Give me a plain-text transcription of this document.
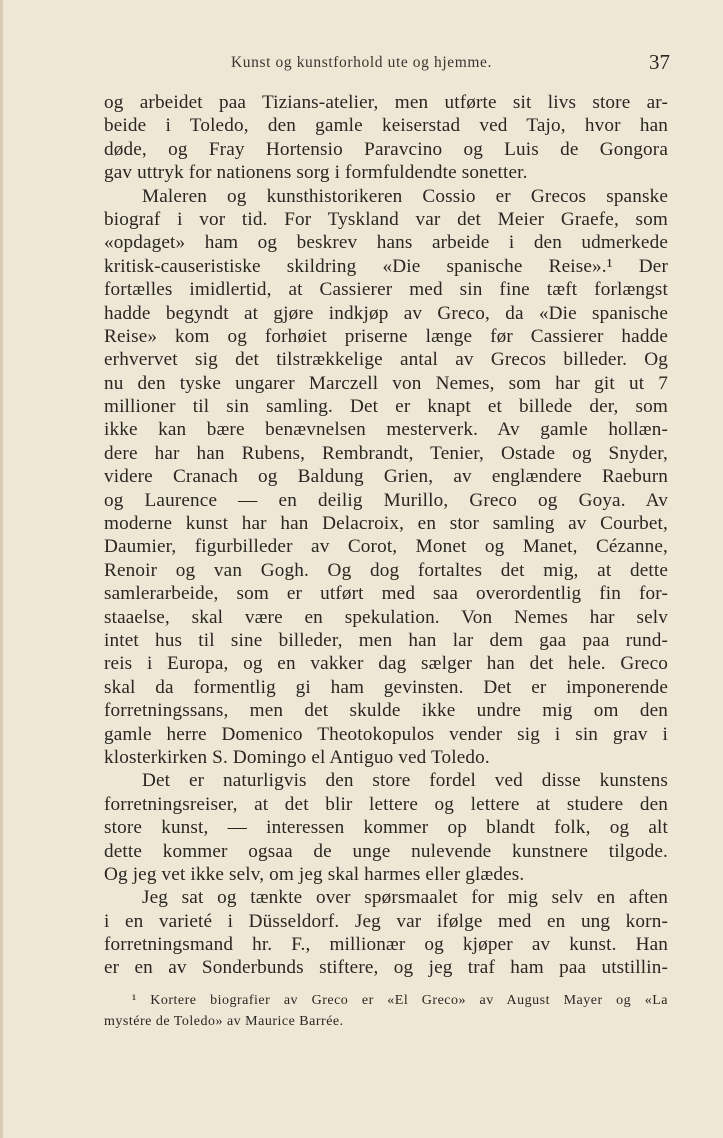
Kunst og kunstforhold ute og hjemme.	37
og arbeidet paa Tizians-atelier, men utførte sit livs store ar-
beide i Toledo, den gamle keiserstad ved Tajo, hvor han
døde, og Fray Hortensio Paravcino og Luis de Gongora
gav uttryk for nationens sorg i formfuldendte sonetter.
Maleren og kunsthistorikeren Cossio er Grecos spanske
biograf i vor tid. For Tyskland var det Meier Graefe, som
«opdaget» ham og beskrev hans arbeide i den udmerkede
kritisk-causeristiske skildring «Die spanische Reise».¹ Der
fortælles imidlertid, at Cassierer med sin fine tæft forlængst
hadde begyndt at gjøre indkjøp av Greco, da «Die spanische
Reise» kom og forhøiet priserne længe før Cassierer hadde
erhvervet sig det tilstrækkelige antal av Grecos billeder. Og
nu den tyske ungarer Marczell von Nemes, som har git ut 7
millioner til sin samling. Det er knapt et billede der, som
ikke kan bære benævnelsen mesterverk. Av gamle hollæn-
dere har han Rubens, Rembrandt, Tenier, Ostade og Snyder,
videre Cranach og Baldung Grien, av englændere Raeburn
og Laurence — en deilig Murillo, Greco og Goya. Av
moderne kunst har han Delacroix, en stor samling av Courbet,
Daumier, figurbilleder av Corot, Monet og Manet, Cézanne,
Renoir og van Gogh. Og dog fortaltes det mig, at dette
samlerarbeide, som er utført med saa overordentlig fin for-
staaelse, skal være en spekulation. Von Nemes har selv
intet hus til sine billeder, men han lar dem gaa paa rund-
reis i Europa, og en vakker dag sælger han det hele. Greco
skal da formentlig gi ham gevinsten. Det er imponerende
forretningssans, men det skulde ikke undre mig om den
gamle herre Domenico Theotokopulos vender sig i sin grav i
klosterkirken S. Domingo el Antiguo ved Toledo.
Det er naturligvis den store fordel ved disse kunstens
forretningsreiser, at det blir lettere og lettere at studere den
store kunst, — interessen kommer op blandt folk, og alt
dette kommer ogsaa de unge nulevende kunstnere tilgode.
Og jeg vet ikke selv, om jeg skal harmes eller glædes.
Jeg sat og tænkte over spørsmaalet for mig selv en aften
i en varieté i Düsseldorf. Jeg var ifølge med en ung korn-
forretningsmand hr. F., millionær og kjøper av kunst. Han
er en av Sonderbunds stiftere, og jeg traf ham paa utstillin-
¹ Kortere biografier av Greco er «El Greco» av August Mayer og «La
mystére de Toledo» av Maurice Barrée.
